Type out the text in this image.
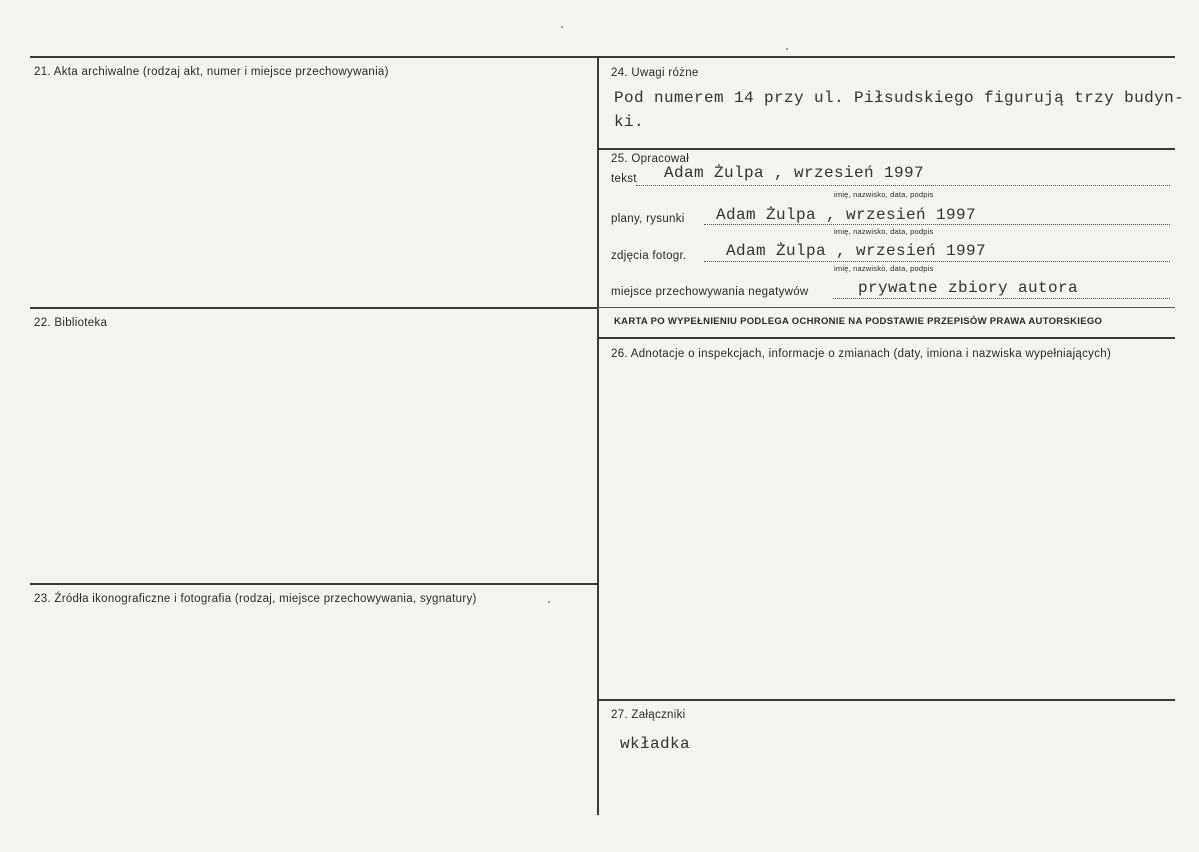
21. Akta archiwalne (rodzaj akt, numer i miejsce przechowywania)
22. Biblioteka
23. Źródła ikonograficzne i fotografia (rodzaj, miejsce przechowywania, sygnatury)
24. Uwagi różne
Pod numerem 14 przy ul. Piłsudskiego figurują trzy budyn-
ki.
25. Opracował
tekst Adam Żulpa , wrzesień 1997
imię, nazwisko, data, podpis
plany, rysunki Adam Żulpa , wrzesień 1997
imię, nazwisko, data, podpis
zdjęcia fotogr. Adam Żulpa , wrzesień 1997
imię, nazwisko, data, podpis
miejsce przechowywania negatywów	prywatne zbiory autora
KARTA PO WYPEŁNIENIU PODLEGA OCHRONIE NA PODSTAWIE PRZEPISÓW PRAWA AUTORSKIEGO
26. Adnotacje o inspekcjach, informacje o zmianach (daty, imiona i nazwiska wypełniających)
27. Załączniki
wkładka
